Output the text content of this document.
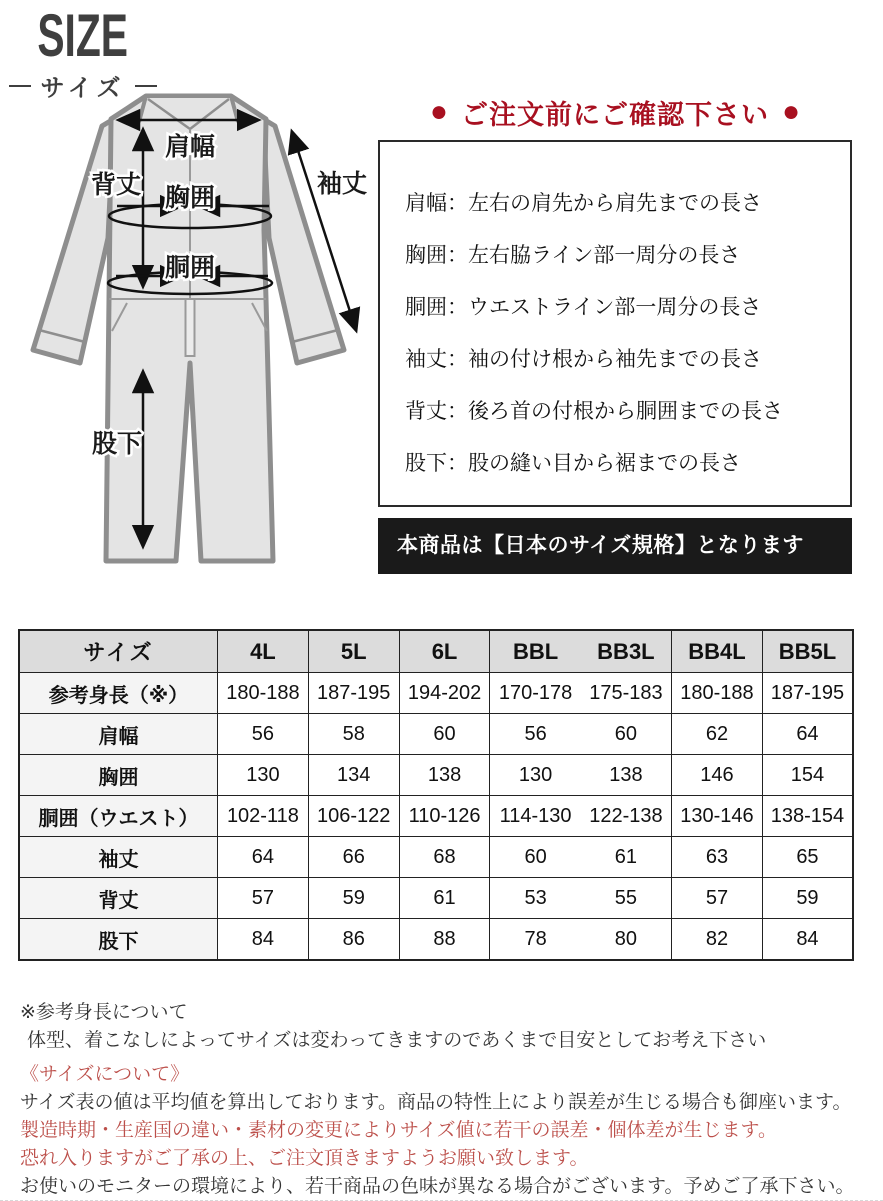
SIZE
サイズ
肩幅
背丈 胸囲
胴囲
袖丈
股下
● ご注文前にご確認下さい ●
肩幅：左右の肩先から肩先までの長さ
胸囲：左右脇ライン部一周分の長さ
胴囲：ウエストライン部一周分の長さ
袖丈：袖の付け根から袖先までの長さ
背丈：後ろ首の付根から胴囲までの長さ
股下：股の縫い目から裾までの長さ
本商品は【日本のサイズ規格】となります
サイズ	4L	5L	6L	BBL	BB3L	BB4L	BB5L
参考身長（※）	180-188	187-195	194-202	170-178	175-183	180-188	187-195
肩幅	56	58	60	56	60	62	64
胸囲	130	134	138	130	138	146	154
胴囲（ウエスト）	102-118	106-122	110-126	114-130	122-138	130-146	138-154
袖丈	64	66	68	60	61	63	65
背丈	57	59	61	53	55	57	59
股下	84	86	88	78	80	82	84
※参考身長について
体型、着こなしによってサイズは変わってきますのであくまで目安としてお考え下さい
《サイズについて》
サイズ表の値は平均値を算出しております。商品の特性上により誤差が生じる場合も御座います。
製造時期・生産国の違い・素材の変更によりサイズ値に若干の誤差・個体差が生じます。
恐れ入りますがご了承の上、ご注文頂きますようお願い致します。
お使いのモニターの環境により、若干商品の色味が異なる場合がございます。予めご了承下さい。
